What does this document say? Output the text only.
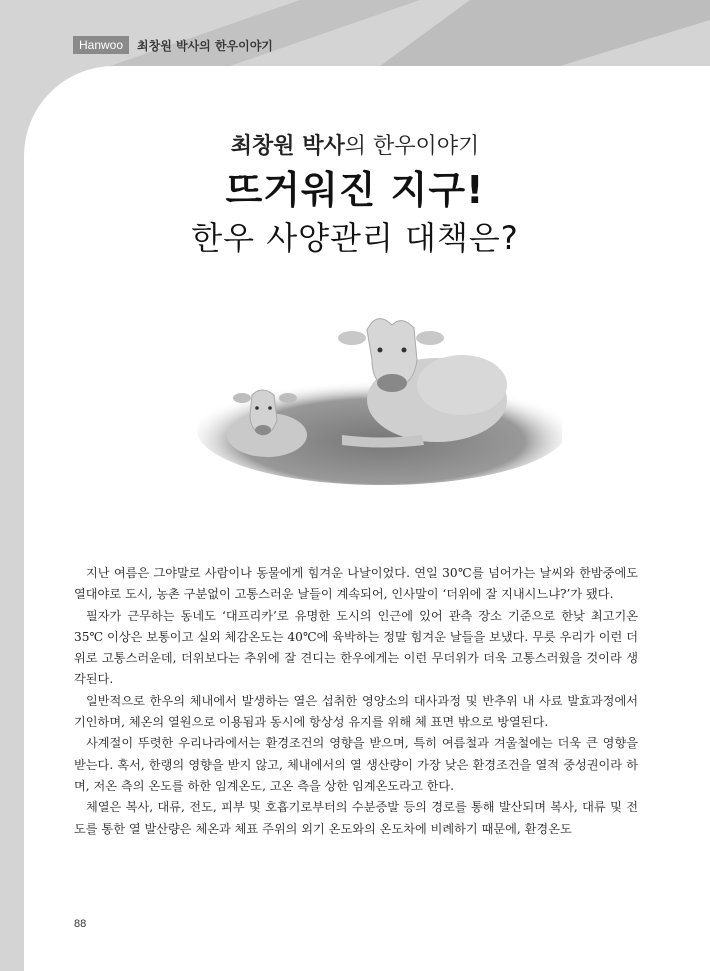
Hanwoo	최창원 박사의 한우이야기
최창원 박사의 한우이야기
뜨거워진 지구!
한우 사양관리 대책은?

지난 여름은 그야말로 사람이나 동물에게 힘겨운 나날이었다. 연일 30℃를 넘어가는 날씨와 한밤중에도 열대야로 도시, 농촌 구분없이 고통스러운 날들이 계속되어, 인사말이 ‘더위에 잘 지내시느냐?’가 됐다.

필자가 근무하는 동네도 ‘대프리카’로 유명한 도시의 인근에 있어 관측 장소 기준으로 한낮 최고기온 35℃ 이상은 보통이고 실외 체감온도는 40℃에 육박하는 정말 힘겨운 날들을 보냈다. 무릇 우리가 이런 더위로 고통스러운데, 더위보다는 추위에 잘 견디는 한우에게는 이런 무더위가 더욱 고통스러웠을 것이라 생각된다.

일반적으로 한우의 체내에서 발생하는 열은 섭취한 영양소의 대사과정 및 반추위 내 사료 발효과정에서 기인하며, 체온의 열원으로 이용됨과 동시에 항상성 유지를 위해 체 표면 밖으로 방열된다.

사계절이 뚜렷한 우리나라에서는 환경조건의 영향을 받으며, 특히 여름철과 겨울철에는 더욱 큰 영향을 받는다. 혹서, 한랭의 영향을 받지 않고, 체내에서의 열 생산량이 가장 낮은 환경조건을 열적 중성권이라 하며, 저온 측의 온도를 하한 임계온도, 고온 측을 상한 임계온도라고 한다.

체열은 복사, 대류, 전도, 피부 및 호흡기로부터의 수분증발 등의 경로를 통해 발산되며 복사, 대류 및 전도를 통한 열 발산량은 체온과 체표 주위의 외기 온도와의 온도차에 비례하기 때문에, 환경온도

88
